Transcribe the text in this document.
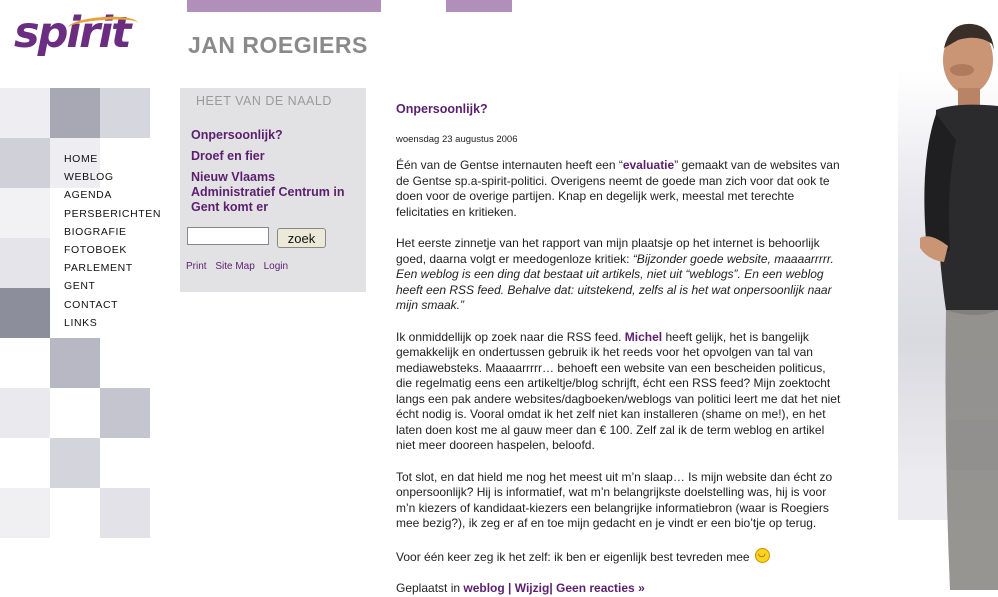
spirit	JAN ROEGIERS
HOME
WEBLOG
AGENDA
PERSBERICHTEN
BIOGRAFIE
FOTOBOEK
PARLEMENT
GENT
CONTACT
LINKS
HEET VAN DE NAALD
Onpersoonlijk?
Droef en fier
Nieuw Vlaams Administratief Centrum in Gent komt er
zoek
Print Site Map Login
Onpersoonlijk?
woensdag 23 augustus 2006

Één van de Gentse internauten heeft een “evaluatie” gemaakt van de websites van de Gentse sp.a-spirit-politici. Overigens neemt de goede man zich voor dat ook te doen voor de overige partijen. Knap en degelijk werk, meestal met terechte felicitaties en kritieken.

Het eerste zinnetje van het rapport van mijn plaatsje op het internet is behoorlijk goed, daarna volgt er meedogenloze kritiek: “Bijzonder goede website, maaaarrrrr. Een weblog is een ding dat bestaat uit artikels, niet uit “weblogs”. En een weblog heeft een RSS feed. Behalve dat: uitstekend, zelfs al is het wat onpersoonlijk naar mijn smaak.”

Ik onmiddellijk op zoek naar die RSS feed. Michel heeft gelijk, het is bangelijk gemakkelijk en ondertussen gebruik ik het reeds voor het opvolgen van tal van mediawebsteks. Maaaarrrrr… behoeft een website van een bescheiden politicus, die regelmatig eens een artikeltje/blog schrijft, écht een RSS feed? Mijn zoektocht langs een pak andere websites/dagboeken/weblogs van politici leert me dat het niet écht nodig is. Vooral omdat ik het zelf niet kan installeren (shame on me!), en het laten doen kost me al gauw meer dan € 100. Zelf zal ik de term weblog en artikel niet meer dooreen haspelen, beloofd.

Tot slot, en dat hield me nog het meest uit m’n slaap… Is mijn website dan écht zo onpersoonlijk? Hij is informatief, wat m’n belangrijkste doelstelling was, hij is voor m’n kiezers of kandidaat-kiezers een belangrijke informatiebron (waar is Roegiers mee bezig?), ik zeg er af en toe mijn gedacht en je vindt er een bio’tje op terug.

Voor één keer zeg ik het zelf: ik ben er eigenlijk best tevreden mee ◡

Geplaatst in weblog | Wijzig| Geen reacties »
